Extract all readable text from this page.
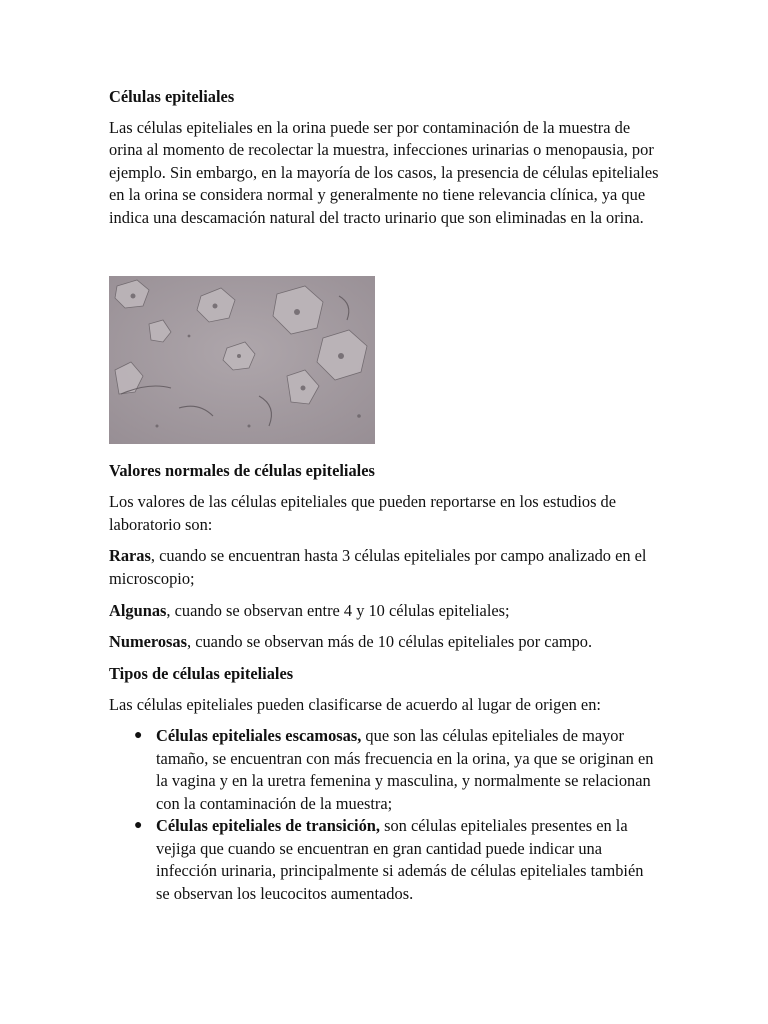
Células epiteliales

Las células epiteliales en la orina puede ser por contaminación de la muestra de orina al momento de recolectar la muestra, infecciones urinarias o menopausia, por ejemplo. Sin embargo, en la mayoría de los casos, la presencia de células epiteliales en la orina se considera normal y generalmente no tiene relevancia clínica, ya que indica una descamación natural del tracto urinario que son eliminadas en la orina.

Valores normales de células epiteliales

Los valores de las células epiteliales que pueden reportarse en los estudios de laboratorio son:

Raras, cuando se encuentran hasta 3 células epiteliales por campo analizado en el microscopio;

Algunas, cuando se observan entre 4 y 10 células epiteliales;

Numerosas, cuando se observan más de 10 células epiteliales por campo.

Tipos de células epiteliales

Las células epiteliales pueden clasificarse de acuerdo al lugar de origen en:

● Células epiteliales escamosas, que son las células epiteliales de mayor tamaño, se encuentran con más frecuencia en la orina, ya que se originan en la vagina y en la uretra femenina y masculina, y normalmente se relacionan con la contaminación de la muestra;
● Células epiteliales de transición, son células epiteliales presentes en la vejiga que cuando se encuentran en gran cantidad puede indicar una infección urinaria, principalmente si además de células epiteliales también se observan los leucocitos aumentados.
